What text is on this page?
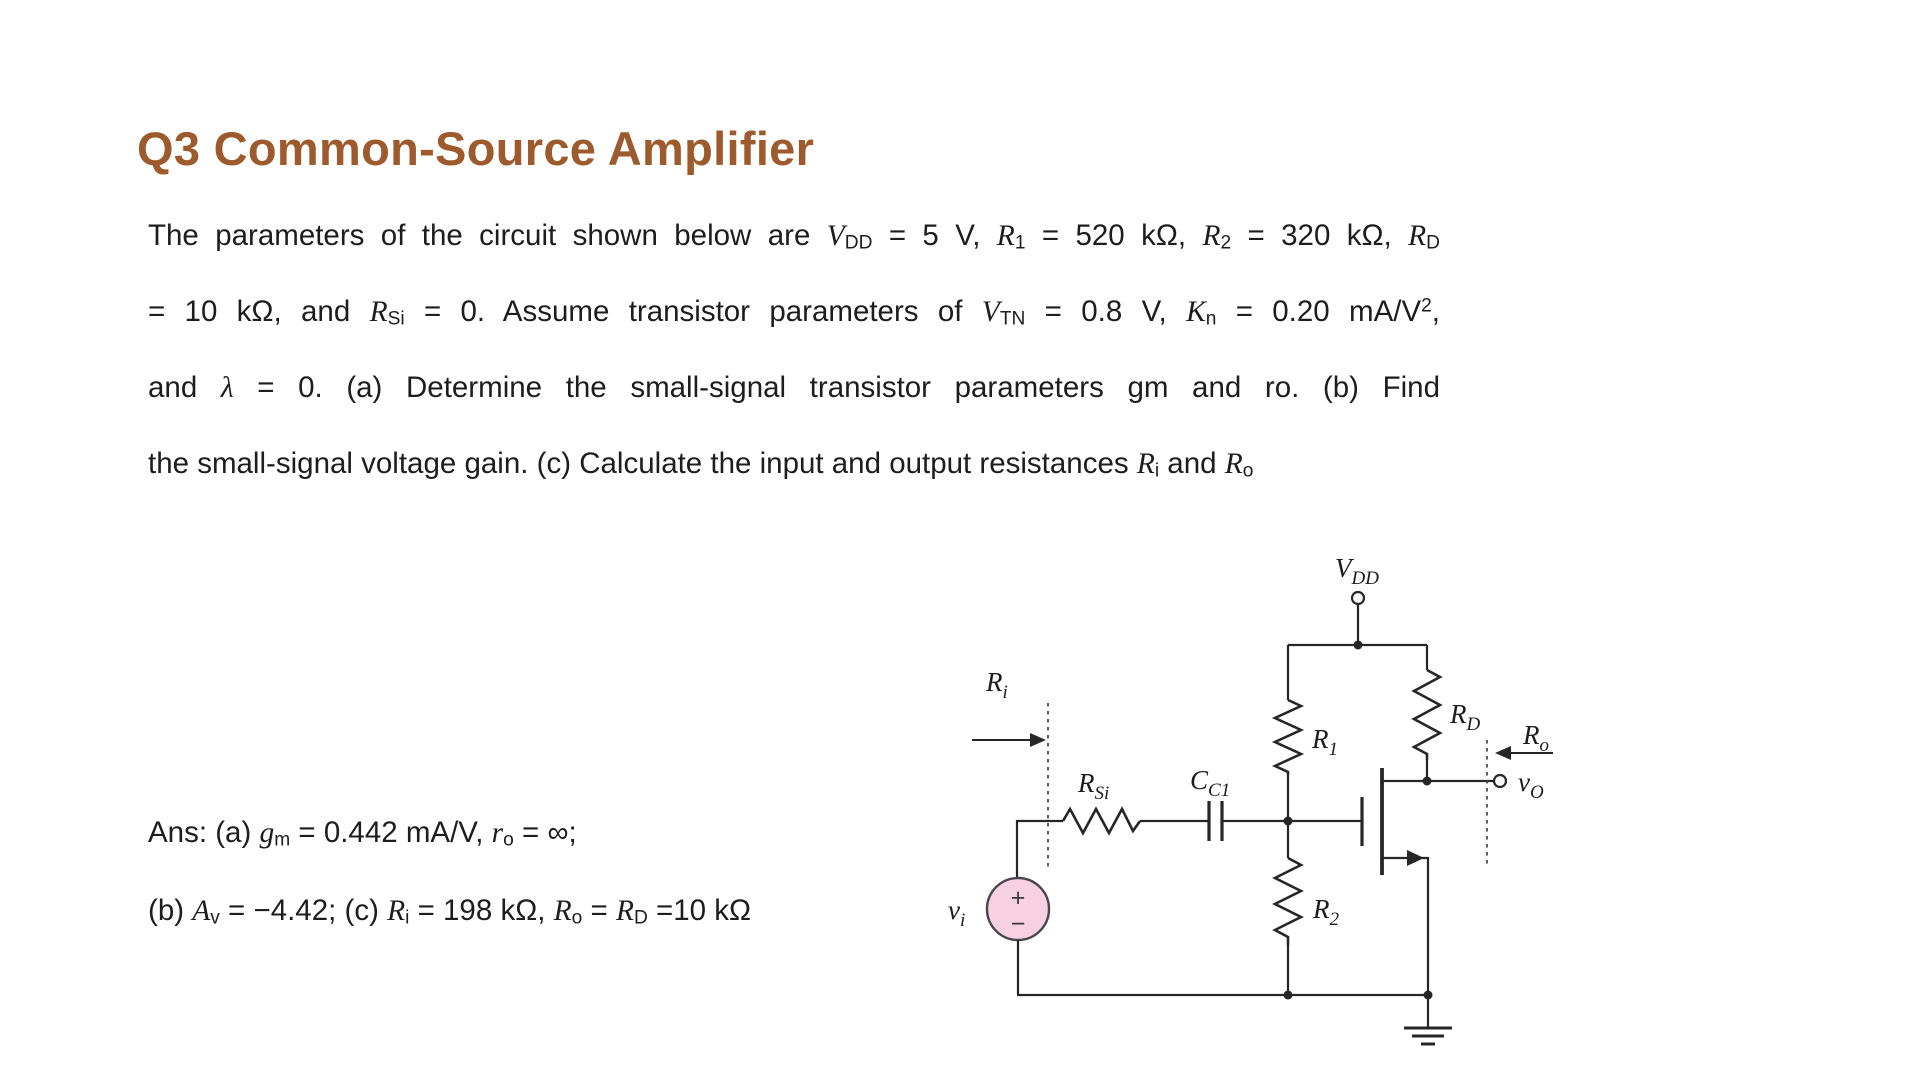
Q3 Common-Source Amplifier
The parameters of the circuit shown below are $V_{DD} = 5$ V, $R_1 = 520$ kΩ, $R_2 = 320$ kΩ, $R_D$
= 10 kΩ, and $R_{Si} = 0$. Assume transistor parameters of $V_{TN} = 0.8$ V, $K_n = 0.20$ $mA/V^2$,
and λ = 0. (a) Determine the small-signal transistor parameters gm and ro. (b) Find
the small-signal voltage gain. (c) Calculate the input and output resistances $R_i$ and $R_o$
Ans: (a) $g_m = 0.442$ mA/V, $r_o$ = ∞;
(b) $A_v = -4.42$; (c) $R_i = 198$ kΩ, $R_o = R_D =10$ kΩ
$V_{DD}$
$R_1$
$R_D$
+
−
$v_i$
$R_{Si}$	$C_{C1}$
$R_2$
$v_O$
$R_i$
$R_o$
